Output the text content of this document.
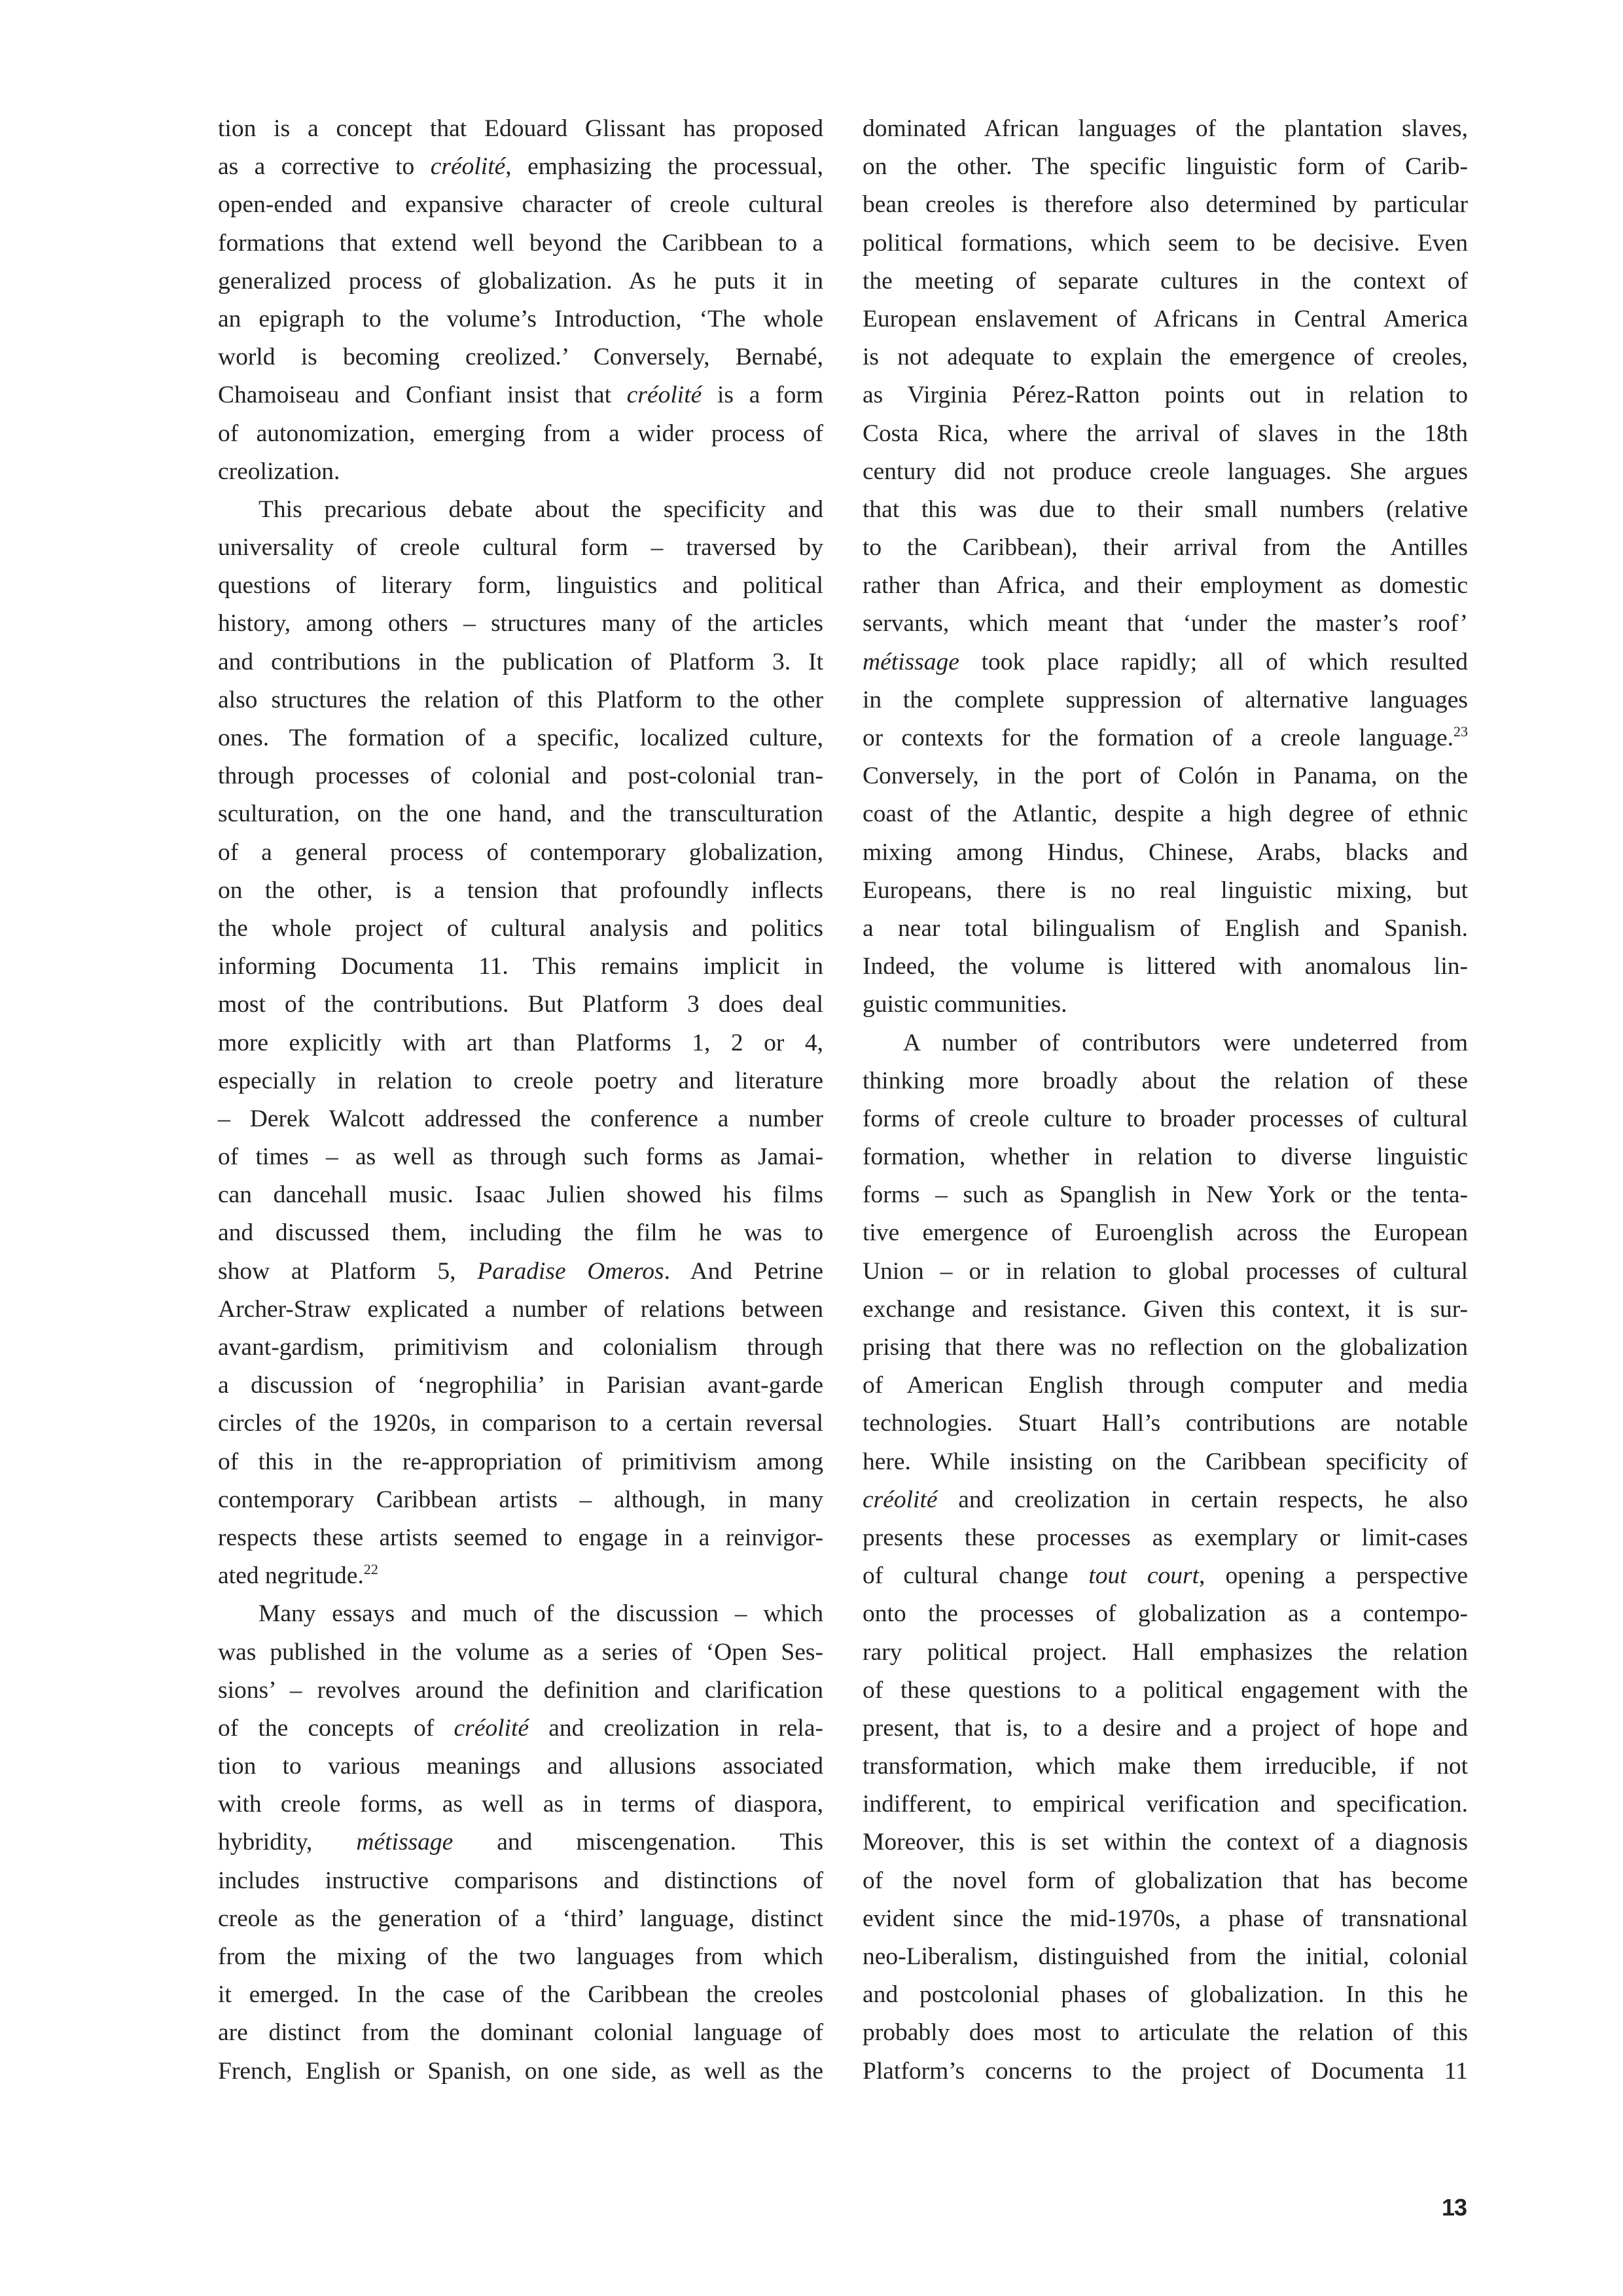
tion is a concept that Edouard Glissant has proposed
as a corrective to créolité, emphasizing the processual,
open-ended and expansive character of creole cultural
formations that extend well beyond the Caribbean to a
generalized process of globalization. As he puts it in
an epigraph to the volume’s Introduction, ‘The whole
world is becoming creolized.’ Conversely, Bernabé,
Chamoiseau and Confiant insist that créolité is a form
of autonomization, emerging from a wider process of
creolization.
This precarious debate about the specificity and
universality of creole cultural form – traversed by
questions of literary form, linguistics and political
history, among others – structures many of the articles
and contributions in the publication of Platform 3. It
also structures the relation of this Platform to the other
ones. The formation of a specific, localized culture,
through processes of colonial and post-colonial tran-
sculturation, on the one hand, and the transculturation
of a general process of contemporary globalization,
on the other, is a tension that profoundly inflects
the whole project of cultural analysis and politics
informing Documenta 11. This remains implicit in
most of the contributions. But Platform 3 does deal
more explicitly with art than Platforms 1, 2 or 4,
especially in relation to creole poetry and literature
– Derek Walcott addressed the conference a number
of times – as well as through such forms as Jamai-
can dancehall music. Isaac Julien showed his films
and discussed them, including the film he was to
show at Platform 5, Paradise Omeros. And Petrine
Archer-Straw explicated a number of relations between
avant-gardism, primitivism and colonialism through
a discussion of ‘negrophilia’ in Parisian avant-garde
circles of the 1920s, in comparison to a certain reversal
of this in the re-appropriation of primitivism among
contemporary Caribbean artists – although, in many
respects these artists seemed to engage in a reinvigor-
ated negritude.$^{22}$
Many essays and much of the discussion – which
was published in the volume as a series of ‘Open Ses-
sions’ – revolves around the definition and clarification
of the concepts of créolité and creolization in rela-
tion to various meanings and allusions associated
with creole forms, as well as in terms of diaspora,
hybridity, métissage and miscengenation. This
includes instructive comparisons and distinctions of
creole as the generation of a ‘third’ language, distinct
from the mixing of the two languages from which
it emerged. In the case of the Caribbean the creoles
are distinct from the dominant colonial language of
French, English or Spanish, on one side, as well as the
dominated African languages of the plantation slaves,
on the other. The specific linguistic form of Carib-
bean creoles is therefore also determined by particular
political formations, which seem to be decisive. Even
the meeting of separate cultures in the context of
European enslavement of Africans in Central America
is not adequate to explain the emergence of creoles,
as Virginia Pérez-Ratton points out in relation to
Costa Rica, where the arrival of slaves in the 18th
century did not produce creole languages. She argues
that this was due to their small numbers (relative
to the Caribbean), their arrival from the Antilles
rather than Africa, and their employment as domestic
servants, which meant that ‘under the master’s roof’
métissage took place rapidly; all of which resulted
in the complete suppression of alternative languages
or contexts for the formation of a creole language.$^{23}$
Conversely, in the port of Colón in Panama, on the
coast of the Atlantic, despite a high degree of ethnic
mixing among Hindus, Chinese, Arabs, blacks and
Europeans, there is no real linguistic mixing, but
a near total bilingualism of English and Spanish.
Indeed, the volume is littered with anomalous lin-
guistic communities.
A number of contributors were undeterred from
thinking more broadly about the relation of these
forms of creole culture to broader processes of cultural
formation, whether in relation to diverse linguistic
forms – such as Spanglish in New York or the tenta-
tive emergence of Euroenglish across the European
Union – or in relation to global processes of cultural
exchange and resistance. Given this context, it is sur-
prising that there was no reflection on the globalization
of American English through computer and media
technologies. Stuart Hall’s contributions are notable
here. While insisting on the Caribbean specificity of
créolité and creolization in certain respects, he also
presents these processes as exemplary or limit-cases
of cultural change tout court, opening a perspective
onto the processes of globalization as a contempo-
rary political project. Hall emphasizes the relation
of these questions to a political engagement with the
present, that is, to a desire and a project of hope and
transformation, which make them irreducible, if not
indifferent, to empirical verification and specification.
Moreover, this is set within the context of a diagnosis
of the novel form of globalization that has become
evident since the mid-1970s, a phase of transnational
neo-Liberalism, distinguished from the initial, colonial
and postcolonial phases of globalization. In this he
probably does most to articulate the relation of this
Platform’s concerns to the project of Documenta 11
13
